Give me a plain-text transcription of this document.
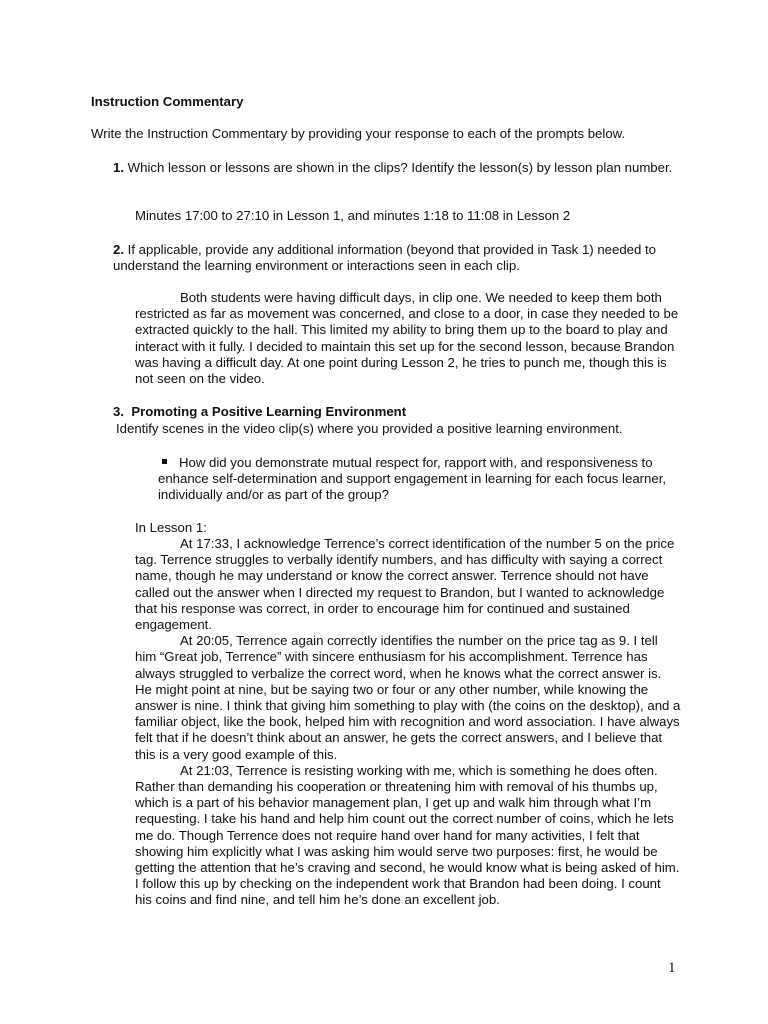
Instruction Commentary
Write the Instruction Commentary by providing your response to each of the prompts below.
1. Which lesson or lessons are shown in the clips? Identify the lesson(s) by lesson plan number.
Minutes 17:00 to 27:10 in Lesson 1, and minutes 1:18 to 11:08 in Lesson 2
2. If applicable, provide any additional information (beyond that provided in Task 1) needed to understand the learning environment or interactions seen in each clip.
Both students were having difficult days, in clip one. We needed to keep them both restricted as far as movement was concerned, and close to a door, in case they needed to be extracted quickly to the hall. This limited my ability to bring them up to the board to play and interact with it fully. I decided to maintain this set up for the second lesson, because Brandon was having a difficult day. At one point during Lesson 2, he tries to punch me, though this is not seen on the video.
3. Promoting a Positive Learning Environment
Identify scenes in the video clip(s) where you provided a positive learning environment.
How did you demonstrate mutual respect for, rapport with, and responsiveness to enhance self-determination and support engagement in learning for each focus learner, individually and/or as part of the group?
In Lesson 1:

At 17:33, I acknowledge Terrence’s correct identification of the number 5 on the price tag. Terrence struggles to verbally identify numbers, and has difficulty with saying a correct name, though he may understand or know the correct answer. Terrence should not have called out the answer when I directed my request to Brandon, but I wanted to acknowledge that his response was correct, in order to encourage him for continued and sustained engagement.

At 20:05, Terrence again correctly identifies the number on the price tag as 9. I tell him “Great job, Terrence” with sincere enthusiasm for his accomplishment. Terrence has always struggled to verbalize the correct word, when he knows what the correct answer is. He might point at nine, but be saying two or four or any other number, while knowing the answer is nine. I think that giving him something to play with (the coins on the desktop), and a familiar object, like the book, helped him with recognition and word association. I have always felt that if he doesn’t think about an answer, he gets the correct answers, and I believe that this is a very good example of this.

At 21:03, Terrence is resisting working with me, which is something he does often. Rather than demanding his cooperation or threatening him with removal of his thumbs up, which is a part of his behavior management plan, I get up and walk him through what I’m requesting. I take his hand and help him count out the correct number of coins, which he lets me do. Though Terrence does not require hand over hand for many activities, I felt that showing him explicitly what I was asking him would serve two purposes: first, he would be getting the attention that he’s craving and second, he would know what is being asked of him. I follow this up by checking on the independent work that Brandon had been doing. I count his coins and find nine, and tell him he’s done an excellent job.

1
